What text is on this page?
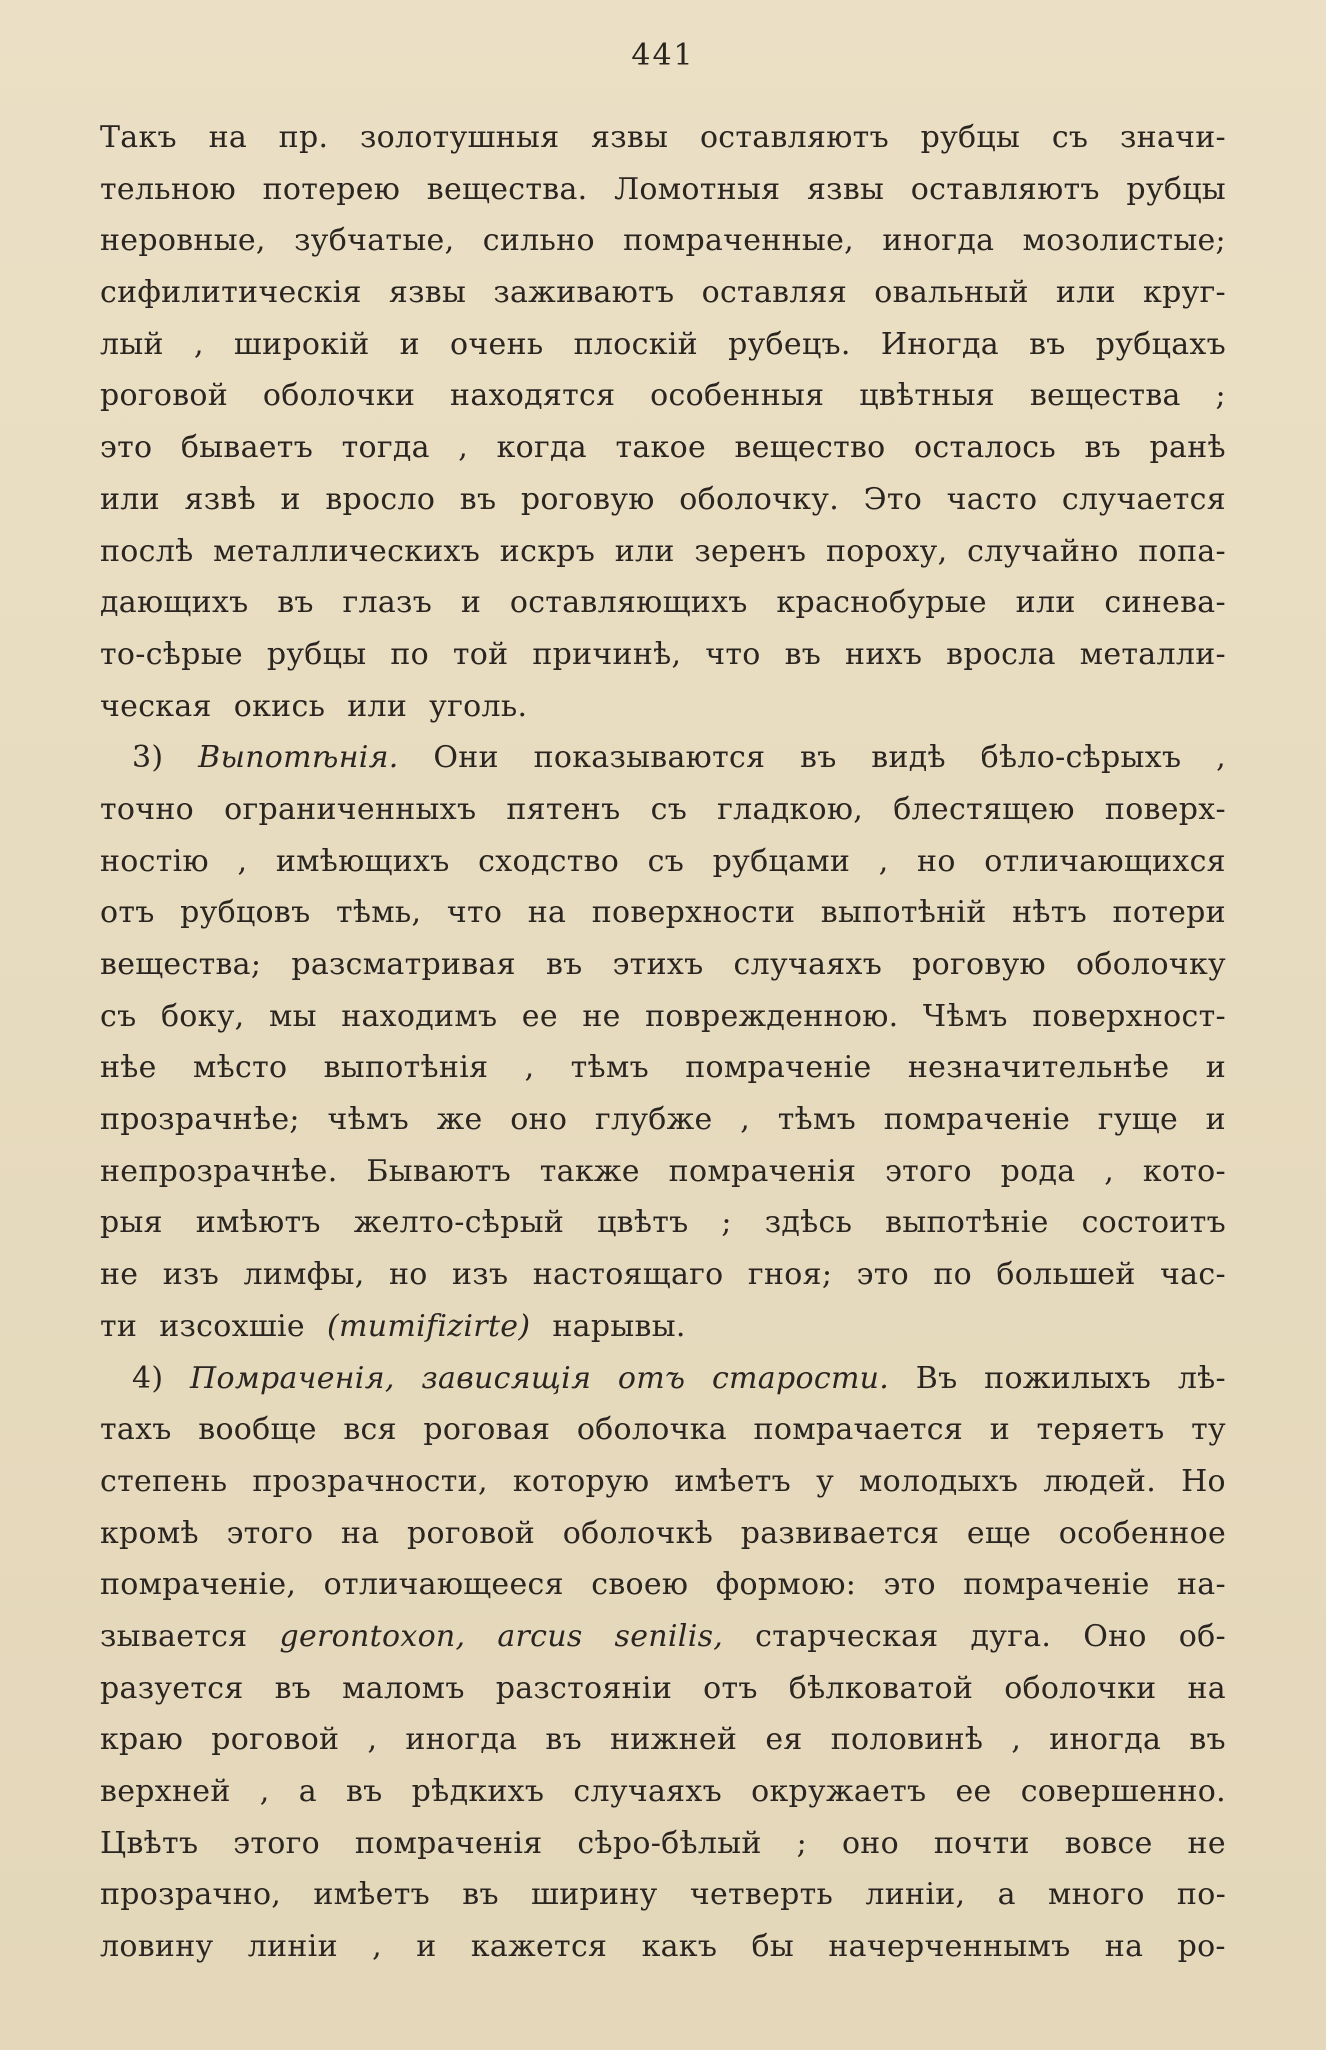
441
Такъ на пр. золотушныя язвы оставляютъ рубцы съ значи-
тельною потерею вещества. Ломотныя язвы оставляютъ рубцы
неровные, зубчатые, сильно помраченные, иногда мозолистые;
сифилитическія язвы заживаютъ оставляя овальный или круг-
лый , широкій и очень плоскій рубецъ. Иногда въ рубцахъ
роговой оболочки находятся особенныя цвѣтныя вещества ;
это бываетъ тогда , когда такое вещество осталось въ ранѣ
или язвѣ и вросло въ роговую оболочку. Это часто случается
послѣ металлическихъ искръ или зеренъ пороху, случайно попа-
дающихъ въ глазъ и оставляющихъ краснобурые или синева-
то-сѣрые рубцы по той причинѣ, что въ нихъ вросла металли-
ческая окись или уголь.
3) Выпотѣнія. Они показываются въ видѣ бѣло-сѣрыхъ ,
точно ограниченныхъ пятенъ съ гладкою, блестящею поверх-
ностію , имѣющихъ сходство съ рубцами , но отличающихся
отъ рубцовъ тѣмь, что на поверхности выпотѣній нѣтъ потери
вещества; разсматривая въ этихъ случаяхъ роговую оболочку
съ боку, мы находимъ ее не поврежденною. Чѣмъ поверхност-
нѣе мѣсто выпотѣнія , тѣмъ помраченіе незначительнѣе и
прозрачнѣе; чѣмъ же оно глубже , тѣмъ помраченіе гуще и
непрозрачнѣе. Бываютъ также помраченія этого рода , кото-
рыя имѣютъ желто-сѣрый цвѣтъ ; здѣсь выпотѣніе состоитъ
не изъ лимфы, но изъ настоящаго гноя; это по большей час-
ти изсохшіе (mumifizirte) нарывы.
4) Помраченія, зависящія отъ старости. Въ пожилыхъ лѣ-
тахъ вообще вся роговая оболочка помрачается и теряетъ ту
степень прозрачности, которую имѣетъ у молодыхъ людей. Но
кромѣ этого на роговой оболочкѣ развивается еще особенное
помраченіе, отличающееся своею формою: это помраченіе на-
зывается gerontoxon, arcus senilis, старческая дуга. Оно об-
разуется въ маломъ разстояніи отъ бѣлковатой оболочки на
краю роговой , иногда въ нижней ея половинѣ , иногда въ
верхней , а въ рѣдкихъ случаяхъ окружаетъ ее совершенно.
Цвѣтъ этого помраченія сѣро-бѣлый ; оно почти вовсе не
прозрачно, имѣетъ въ ширину четверть линіи, а много по-
ловину линіи , и кажется какъ бы начерченнымъ на ро-
